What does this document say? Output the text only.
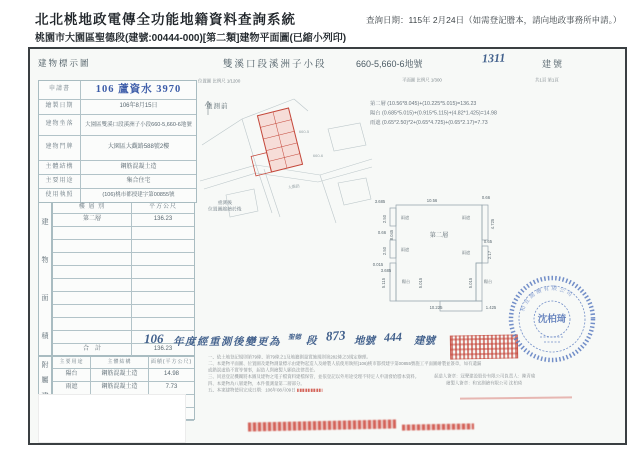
北北桃地政電傳全功能地籍資料查詢系統	查詢日期：115年 2月24日（如需登記謄本，請向地政事務所申請。）
桃園市大園區聖德段(建號:00444-000)[第二類]建物平面圖(已縮小列印)
建物標示圖	雙溪口段溪洲子小段	660-5,660-6地號	1311	建號
位置圖 比例尺 1/1200	平面圖 比例尺 1/300	共1頁 第1頁
申請書	106 蘆資水 3970
繪製日期	106年8月15日
建物坐落	大園區雙溪口段溪洲子小段660-5,660-6地號
建物門牌	大園區大觀路588號2樓
主體結構	鋼筋混凝土造
主要用途	集合住宅
使用執照	(106)桃市都授建字第00855號
建
物
面
積
樓 層 別	平方公尺
第二層	136.23
合　計	136.23
附
屬
主要用途	主體結構	面積(平方公尺)
陽台	鋼筋混凝土造	14.98
雨遮	鋼筋混凝土造	7.73
660-5
660-6
大觀路
重測前
重測後
位置圖縮繪於後
第二層 (10.56*8.045)+(10.225*5.015)=136.23
陽台 (0.685*5.015)+(0.915*5.115)+(4.82*1.425)=14.98
雨遮 (0.65*2.50)*2+(0.65*4.725)+(0.65*2.17)=7.73
10.56
0.66
3.685
2.50	雨遮
0.66 8.045
2.50	雨遮
第二層
雨遮
4.725
0.65
雨遮	2.17
0.015
3.685
5.115	陽台 5.015	5.015	陽台
10.225	1.425
106 年度經重測後變更為 聖德 段 873 地號 444 建號
一、依土地登記規則第79條、第79條之1及地籍測量實施規則第282條之3規定辦理。
二、本建物平面圖、位置圖及建物測量標示由建物起造人及繪製人依使用執照(106)桃市都授建字第00855號施工平面圖繪製並簽章，如有遺漏或錯誤虛偽不實等情事，起造人與繪製人願負法律責任。
三、同意登記機關將本圖及建物之電子檔資料建檔保管，並依登記以外用途受理不特定人申請發給謄本資料。
四、本建物為八層建物，本件僅測量第二層部分。
五、本案建物使用完成日期：106年08月09日
起造人簽章：冠聲建設股份有限公司負責人：陳青瑜
繪製人簽章：和宜測繪有限公司 沈柏琦
和宜測繪有限公司
沈柏琦
